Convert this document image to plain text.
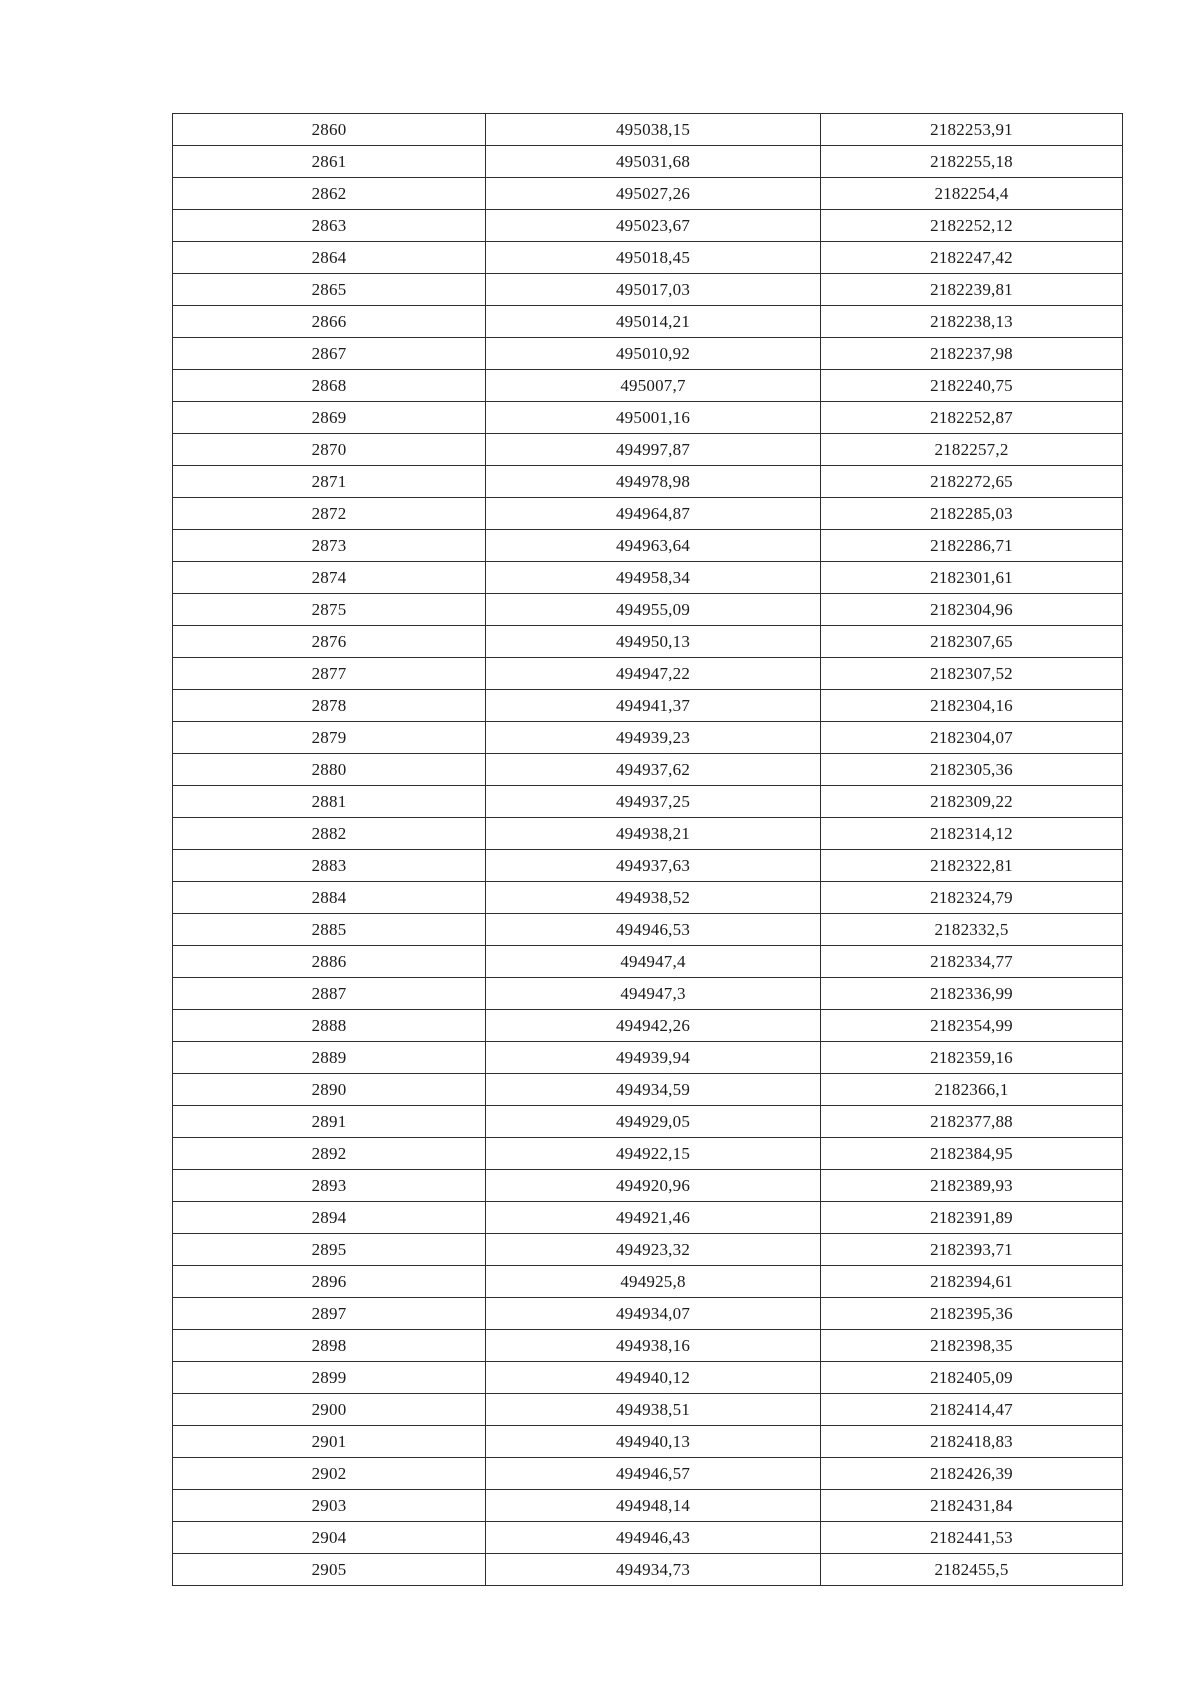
2860	495038,15	2182253,91
2861	495031,68	2182255,18
2862	495027,26	2182254,4
2863	495023,67	2182252,12
2864	495018,45	2182247,42
2865	495017,03	2182239,81
2866	495014,21	2182238,13
2867	495010,92	2182237,98
2868	495007,7	2182240,75
2869	495001,16	2182252,87
2870	494997,87	2182257,2
2871	494978,98	2182272,65
2872	494964,87	2182285,03
2873	494963,64	2182286,71
2874	494958,34	2182301,61
2875	494955,09	2182304,96
2876	494950,13	2182307,65
2877	494947,22	2182307,52
2878	494941,37	2182304,16
2879	494939,23	2182304,07
2880	494937,62	2182305,36
2881	494937,25	2182309,22
2882	494938,21	2182314,12
2883	494937,63	2182322,81
2884	494938,52	2182324,79
2885	494946,53	2182332,5
2886	494947,4	2182334,77
2887	494947,3	2182336,99
2888	494942,26	2182354,99
2889	494939,94	2182359,16
2890	494934,59	2182366,1
2891	494929,05	2182377,88
2892	494922,15	2182384,95
2893	494920,96	2182389,93
2894	494921,46	2182391,89
2895	494923,32	2182393,71
2896	494925,8	2182394,61
2897	494934,07	2182395,36
2898	494938,16	2182398,35
2899	494940,12	2182405,09
2900	494938,51	2182414,47
2901	494940,13	2182418,83
2902	494946,57	2182426,39
2903	494948,14	2182431,84
2904	494946,43	2182441,53
2905	494934,73	2182455,5
